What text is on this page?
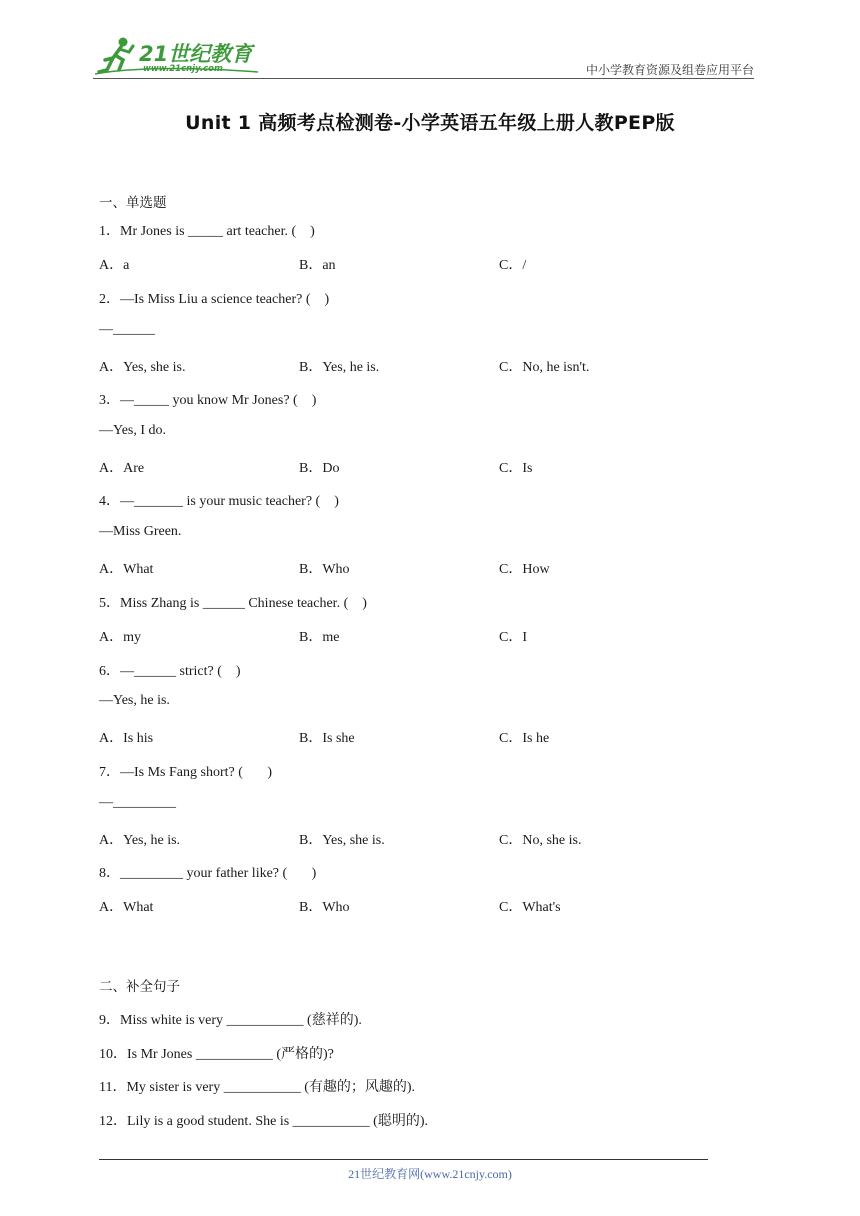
21世纪教育
www.21cnjy.com	中小学教育资源及组卷应用平台
Unit 1 高频考点检测卷-小学英语五年级上册人教PEP版
一、单选题
1．Mr Jones is _____ art teacher. (    )
A．a	B．an	C．/
2．—Is Miss Liu a science teacher? (    )
—______
A．Yes, she is.	B．Yes, he is.	C．No, he isn't.
3．—_____ you know Mr Jones? (    )
—Yes, I do.
A．Are	B．Do	C．Is
4．—_______ is your music teacher? (    )
—Miss Green.
A．What	B．Who	C．How
5．Miss Zhang is ______ Chinese teacher. (    )
A．my	B．me	C．I
6．—______ strict? (    )
—Yes, he is.
A．Is his	B．Is she	C．Is he
7．—Is Ms Fang short? (       )
—_________
A．Yes, he is.	B．Yes, she is.	C．No, she is.
8．_________ your father like? (       )
A．What	B．Who	C．What's
二、补全句子
9．Miss white is very ___________ (慈祥的).
10．Is Mr Jones ___________ (严格的)?
11．My sister is very ___________ (有趣的；风趣的).
12．Lily is a good student. She is ___________ (聪明的).
21世纪教育网(www.21cnjy.com)
